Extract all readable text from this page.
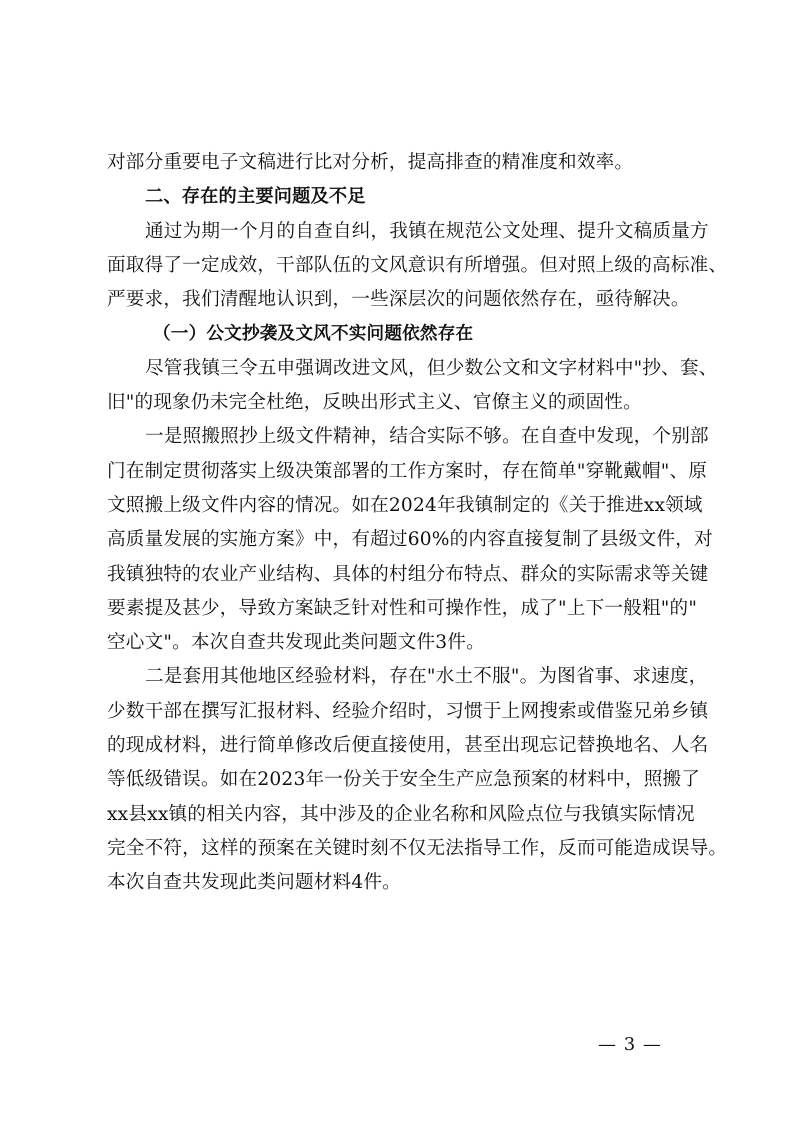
对部分重要电子文稿进行比对分析，提高排查的精准度和效率。
二、存在的主要问题及不足
通过为期一个月的自查自纠，我镇在规范公文处理、提升文稿质量方
面取得了一定成效，干部队伍的文风意识有所增强。但对照上级的高标准、
严要求，我们清醒地认识到，一些深层次的问题依然存在，亟待解决。
（一）公文抄袭及文风不实问题依然存在
尽管我镇三令五申强调改进文风，但少数公文和文字材料中"抄、套、
旧"的现象仍未完全杜绝，反映出形式主义、官僚主义的顽固性。
一是照搬照抄上级文件精神，结合实际不够。在自查中发现，个别部
门在制定贯彻落实上级决策部署的工作方案时，存在简单"穿靴戴帽"、原
文照搬上级文件内容的情况。如在2024年我镇制定的《关于推进xx领域
高质量发展的实施方案》中，有超过60%的内容直接复制了县级文件，对
我镇独特的农业产业结构、具体的村组分布特点、群众的实际需求等关键
要素提及甚少，导致方案缺乏针对性和可操作性，成了"上下一般粗"的"
空心文"。本次自查共发现此类问题文件3件。
二是套用其他地区经验材料，存在"水土不服"。为图省事、求速度，
少数干部在撰写汇报材料、经验介绍时，习惯于上网搜索或借鉴兄弟乡镇
的现成材料，进行简单修改后便直接使用，甚至出现忘记替换地名、人名
等低级错误。如在2023年一份关于安全生产应急预案的材料中，照搬了
xx县xx镇的相关内容，其中涉及的企业名称和风险点位与我镇实际情况
完全不符，这样的预案在关键时刻不仅无法指导工作，反而可能造成误导。
本次自查共发现此类问题材料4件。
— 3 —
